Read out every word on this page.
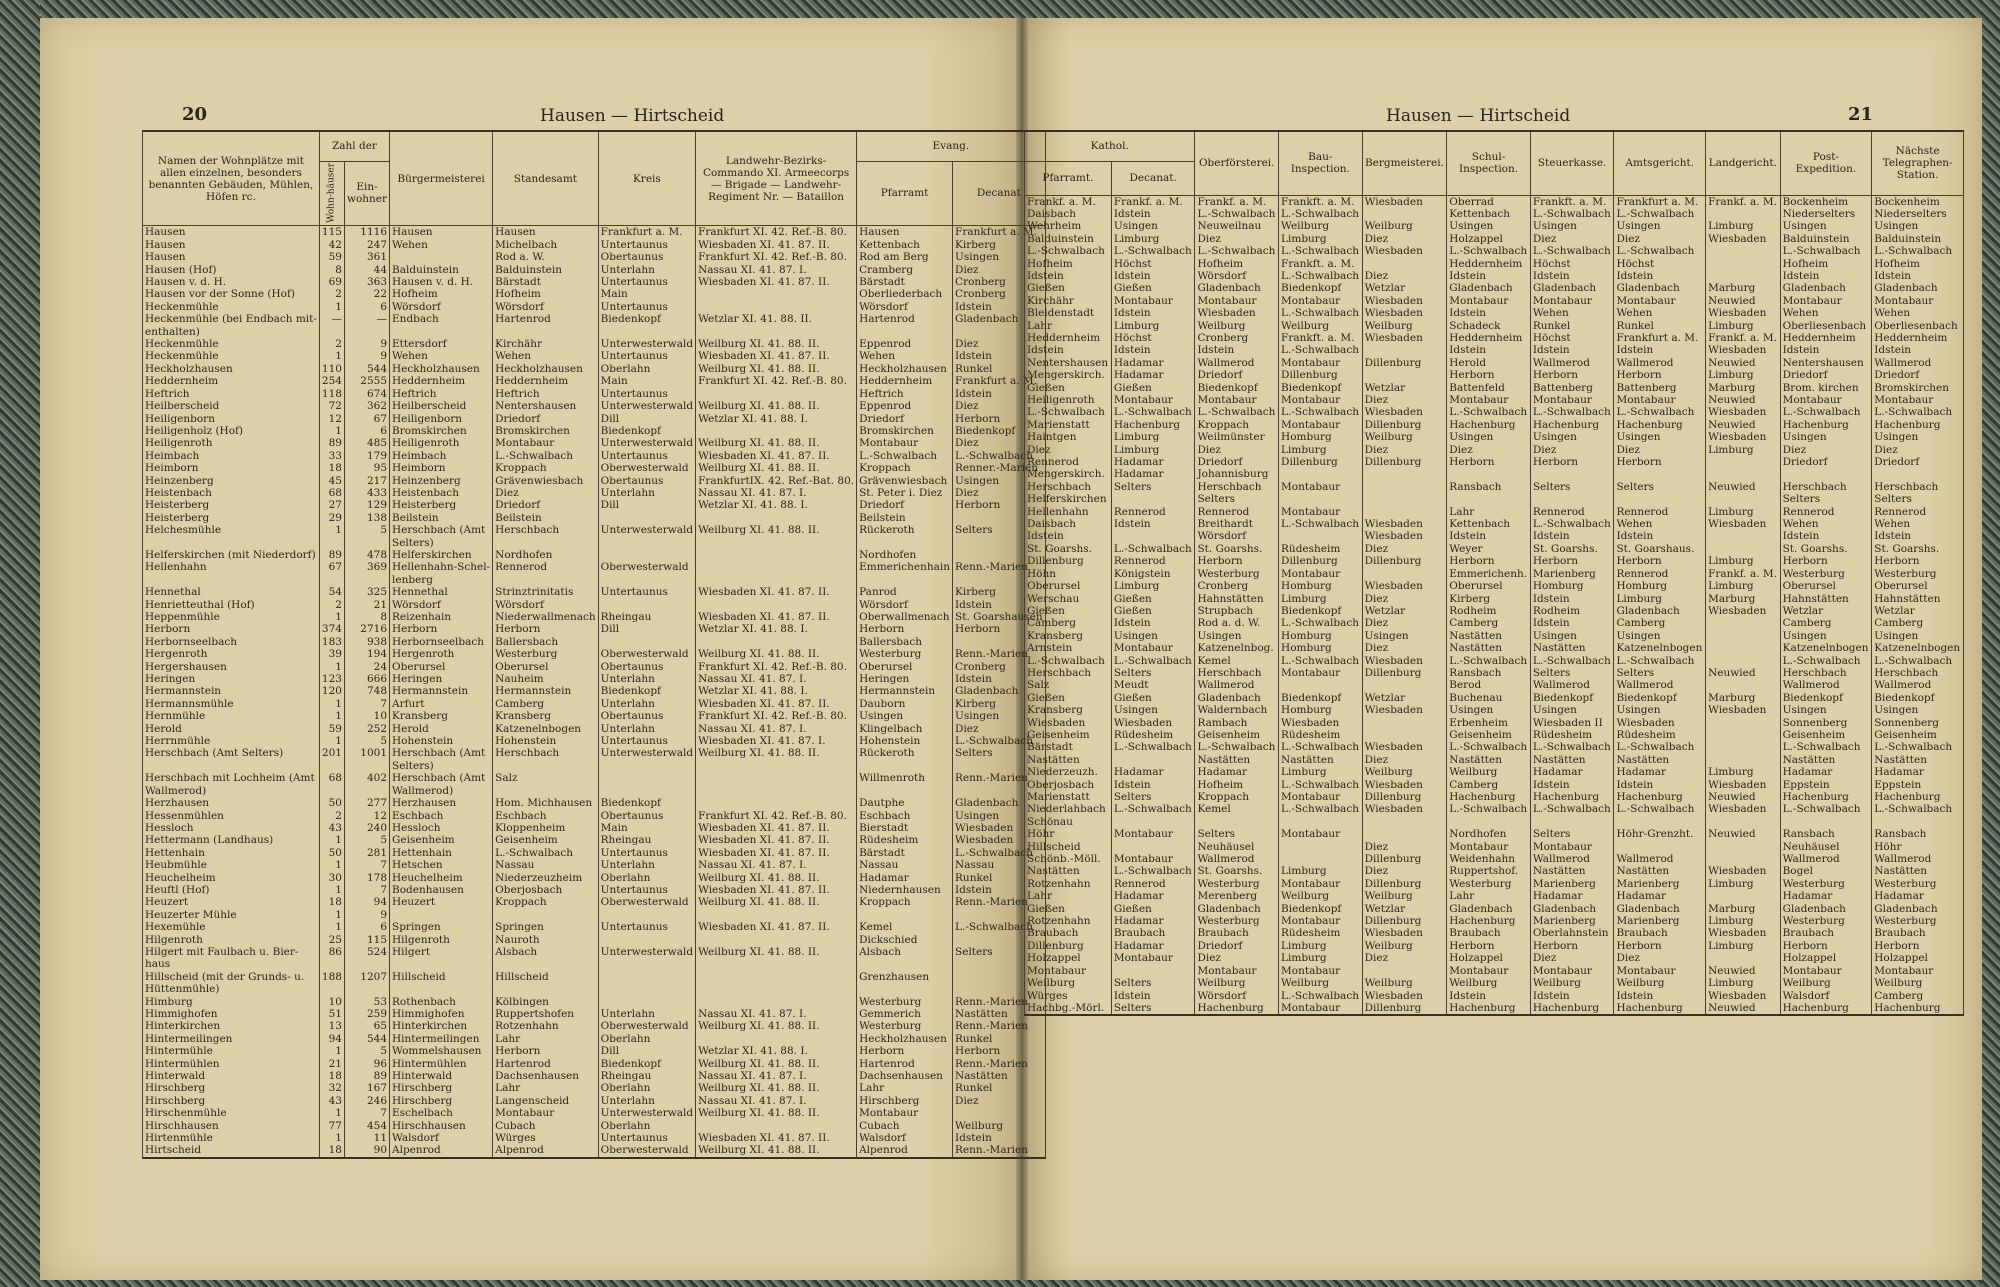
20	Hausen — Hirtscheid	Hausen — Hirtscheid	21
Namen der Wohnplätze mit allen einzelnen, besonders benannten Gebäuden, Mühlen, Höfen rc.	Zahl der		Bürgermeisterei	Standesamt	Kreis	Landwehr-Bezirks-Commando XI. Armeecorps — Brigade — Landwehr-Regiment Nr. — Bataillon	Evang.	
	Wohn-häuser	Ein-wohner					Pfarramt	Decanat
Hausen	115	1116	Hausen	Hausen	Frankfurt a. M.	Frankfurt XI. 42. Ref.-B. 80.	Hausen	Frankfurt a. M.
Hausen	42	247	Wehen	Michelbach	Untertaunus	Wiesbaden XI. 41. 87. II.	Kettenbach	Kirberg
Hausen	59	361		Rod a. W.	Obertaunus	Frankfurt XI. 42. Ref.-B. 80.	Rod am Berg	Usingen
Hausen (Hof)	8	44	Balduinstein	Balduinstein	Unterlahn	Nassau XI. 41. 87. I.	Cramberg	Diez
Hausen v. d. H.	69	363	Hausen v. d. H.	Bärstadt	Untertaunus	Wiesbaden XI. 41. 87. II.	Bärstadt	Cronberg
Hausen vor der Sonne (Hof)	2	22	Hofheim	Hofheim	Main		Oberliederbach	Cronberg
Heckenmühle	1	6	Wörsdorf	Wörsdorf	Untertaunus		Wörsdorf	Idstein
Heckenmühle (bei Endbach mit-	—	—	Endbach	Hartenrod	Biedenkopf	Wetzlar XI. 41. 88. II.	Hartenrod	Gladenbach
enthalten)								
Heckenmühle	2	9	Ettersdorf	Kirchähr	Unterwesterwald	Weilburg XI. 41. 88. II.	Eppenrod	Diez
Heckenmühle	1	9	Wehen	Wehen	Untertaunus	Wiesbaden XI. 41. 87. II.	Wehen	Idstein
Heckholzhausen	110	544	Heckholzhausen	Heckholzhausen	Oberlahn	Weilburg XI. 41. 88. II.	Heckholzhausen	Runkel
Heddernheim	254	2555	Heddernheim	Heddernheim	Main	Frankfurt XI. 42. Ref.-B. 80.	Heddernheim	Frankfurt a. M.
Heftrich	118	674	Heftrich	Heftrich	Untertaunus		Heftrich	Idstein
Heilberscheid	72	362	Heilberscheid	Nentershausen	Unterwesterwald	Weilburg XI. 41. 88. II.	Eppenrod	Diez
Heiligenborn	12	67	Heiligenborn	Driedorf	Dill	Wetzlar XI. 41. 88. I.	Driedorf	Herborn
Heiligenholz (Hof)	1	6	Bromskirchen	Bromskirchen	Biedenkopf		Bromskirchen	Biedenkopf
Heiligenroth	89	485	Heiligenroth	Montabaur	Unterwesterwald	Weilburg XI. 41. 88. II.	Montabaur	Diez
Heimbach	33	179	Heimbach	L.-Schwalbach	Untertaunus	Wiesbaden XI. 41. 87. II.	L.-Schwalbach	L.-Schwalbach
Heimborn	18	95	Heimborn	Kroppach	Oberwesterwald	Weilburg XI. 41. 88. II.	Kroppach	Renner.-Marien
Heinzenberg	45	217	Heinzenberg	Grävenwiesbach	Obertaunus	FrankfurtIX. 42. Ref.-Bat. 80.	Grävenwiesbach	Usingen
Heistenbach	68	433	Heistenbach	Diez	Unterlahn	Nassau XI. 41. 87. I.	St. Peter i. Diez	Diez
Heisterberg	27	129	Heisterberg	Driedorf	Dill	Wetzlar XI. 41. 88. I.	Driedorf	Herborn
Heisterberg	29	138	Beilstein	Beilstein			Beilstein	
Helchesmühle	1	5	Herschbach (Amt	Herschbach	Unterwesterwald	Weilburg XI. 41. 88. II.	Rückeroth	Selters
			Selters)					
Helferskirchen (mit Niederdorf)	89	478	Helferskirchen	Nordhofen			Nordhofen	
Hellenhahn	67	369	Hellenhahn-Schel-	Rennerod	Oberwesterwald		Emmerichenhain	Renn.-Marien
			lenberg					
Hennethal	54	325	Hennethal	Strinztrinitatis	Untertaunus	Wiesbaden XI. 41. 87. II.	Panrod	Kirberg
Henrietteuthal (Hof)	2	21	Wörsdorf	Wörsdorf			Wörsdorf	Idstein
Heppenmühle	1	8	Reizenhain	Niederwallmenach	Rheingau	Wiesbaden XI. 41. 87. II.	Oberwallmenach	St. Goarshausen
Herborn	374	2716	Herborn	Herborn	Dill	Wetzlar XI. 41. 88. I.	Herborn	Herborn
Herbornseelbach	183	938	Herbornseelbach	Ballersbach			Ballersbach	
Hergenroth	39	194	Hergenroth	Westerburg	Oberwesterwald	Weilburg XI. 41. 88. II.	Westerburg	Renn.-Marien
Hergershausen	1	24	Oberursel	Oberursel	Obertaunus	Frankfurt XI. 42. Ref.-B. 80.	Oberursel	Cronberg
Heringen	123	666	Heringen	Nauheim	Unterlahn	Nassau XI. 41. 87. I.	Heringen	Idstein
Hermannstein	120	748	Hermannstein	Hermannstein	Biedenkopf	Wetzlar XI. 41. 88. I.	Hermannstein	Gladenbach
Hermannsmühle	1	7	Arfurt	Camberg	Unterlahn	Wiesbaden XI. 41. 87. II.	Dauborn	Kirberg
Hernmühle	1	10	Kransberg	Kransberg	Obertaunus	Frankfurt XI. 42. Ref.-B. 80.	Usingen	Usingen
Herold	59	252	Herold	Katzenelnbogen	Unterlahn	Nassau XI. 41. 87. I.	Klingelbach	Diez
Herrnmühle	1	5	Hohenstein	Hohenstein	Untertaunus	Wiesbaden XI. 41. 87. I.	Hohenstein	L.-Schwalbach
Herschbach (Amt Selters)	201	1001	Herschbach (Amt	Herschbach	Unterwesterwald	Weilburg XI. 41. 88. II.	Rückeroth	Selters
			Selters)					
Herschbach mit Lochheim (Amt	68	402	Herschbach (Amt	Salz			Willmenroth	Renn.-Marien
Wallmerod)			Wallmerod)					
Herzhausen	50	277	Herzhausen	Hom. Michhausen	Biedenkopf		Dautphe	Gladenbach
Hessenmühlen	2	12	Eschbach	Eschbach	Obertaunus	Frankfurt XI. 42. Ref.-B. 80.	Eschbach	Usingen
Hessloch	43	240	Hessloch	Kloppenheim	Main	Wiesbaden XI. 41. 87. II.	Bierstadt	Wiesbaden
Hettermann (Landhaus)	1	5	Geisenheim	Geisenheim	Rheingau	Wiesbaden XI. 41. 87. II.	Rüdesheim	Wiesbaden
Hettenhain	50	281	Hettenhain	L.-Schwalbach	Untertaunus	Wiesbaden XI. 41. 87. II.	Bärstadt	L.-Schwalbach
Heubmühle	1	7	Hetschen	Nassau	Unterlahn	Nassau XI. 41. 87. I.	Nassau	Nassau
Heuchelheim	30	178	Heuchelheim	Niederzeuzheim	Oberlahn	Weilburg XI. 41. 88. II.	Hadamar	Runkel
Heuftl (Hof)	1	7	Bodenhausen	Oberjosbach	Untertaunus	Wiesbaden XI. 41. 87. II.	Niedernhausen	Idstein
Heuzert	18	94	Heuzert	Kroppach	Oberwesterwald	Weilburg XI. 41. 88. II.	Kroppach	Renn.-Marien
Heuzerter Mühle	1	9						
Hexemühle	1	6	Springen	Springen	Untertaunus	Wiesbaden XI. 41. 87. II.	Kemel	L.-Schwalbach
Hilgenroth	25	115	Hilgenroth	Nauroth			Dickschied	
Hilgert mit Faulbach u. Bier-	86	524	Hilgert	Alsbach	Unterwesterwald	Weilburg XI. 41. 88. II.	Alsbach	Selters
haus								
Hillscheid (mit der Grunds- u.	188	1207	Hillscheid	Hillscheid			Grenzhausen	
Hüttenmühle)								
Himburg	10	53	Rothenbach	Kölbingen			Westerburg	Renn.-Marien
Himmighofen	51	259	Himmighofen	Ruppertshofen	Unterlahn	Nassau XI. 41. 87. I.	Gemmerich	Nastätten
Hinterkirchen	13	65	Hinterkirchen	Rotzenhahn	Oberwesterwald	Weilburg XI. 41. 88. II.	Westerburg	Renn.-Marien
Hintermeilingen	94	544	Hintermeilingen	Lahr	Oberlahn		Heckholzhausen	Runkel
Hintermühle	1	5	Wommelshausen	Herborn	Dill	Wetzlar XI. 41. 88. I.	Herborn	Herborn
Hintermühlen	21	96	Hintermühlen	Hartenrod	Biedenkopf	Weilburg XI. 41. 88. II.	Hartenrod	Renn.-Marien
Hinterwald	18	89	Hinterwald	Dachsenhausen	Rheingau	Nassau XI. 41. 87. I.	Dachsenhausen	Nastätten
Hirschberg	32	167	Hirschberg	Lahr	Oberlahn	Weilburg XI. 41. 88. II.	Lahr	Runkel
Hirschberg	43	246	Hirschberg	Langenscheid	Unterlahn	Nassau XI. 41. 87. I.	Hirschberg	Diez
Hirschenmühle	1	7	Eschelbach	Montabaur	Unterwesterwald	Weilburg XI. 41. 88. II.	Montabaur	
Hirschhausen	77	454	Hirschhausen	Cubach	Oberlahn		Cubach	Weilburg
Hirtenmühle	1	11	Walsdorf	Würges	Untertaunus	Wiesbaden XI. 41. 87. II.	Walsdorf	Idstein
Hirtscheid	18	90	Alpenrod	Alpenrod	Oberwesterwald	Weilburg XI. 41. 88. II.	Alpenrod	Renn.-Marien
Kathol.		Oberförsterei.	Bau-Inspection.	Bergmeisterei.	Schul-Inspection.	Steuerkasse.	Amtsgericht.	Landgericht.	Post-Expedition.	Nächste Telegraphen-Station.
Pfarramt.	Decanat.									
Frankf. a. M.	Frankf. a. M.	Frankf. a. M.	Frankft. a. M.	Wiesbaden	Oberrad	Frankft. a. M.	Frankfurt a. M.	Frankf. a. M.	Bockenheim	Bockenheim
Daisbach	Idstein	L.-Schwalbach	L.-Schwalbach		Kettenbach	L.-Schwalbach	L.-Schwalbach		Niederselters	Niederselters
Wehrheim	Usingen	Neuweilnau	Weilburg	Weilburg	Usingen	Usingen	Usingen	Limburg	Usingen	Usingen
Balduinstein	Limburg	Diez	Limburg	Diez	Holzappel	Diez	Diez	Wiesbaden	Balduinstein	Balduinstein
L.-Schwalbach	L.-Schwalbach	L.-Schwalbach	L.-Schwalbach	Wiesbaden	L.-Schwalbach	L.-Schwalbach	L.-Schwalbach		L.-Schwalbach	L.-Schwalbach
Hofheim	Höchst	Hofheim	Frankft. a. M.		Heddernheim	Höchst	Höchst		Hofheim	Hofheim
Idstein	Idstein	Wörsdorf	L.-Schwalbach	Diez	Idstein	Idstein	Idstein		Idstein	Idstein
Gießen	Gießen	Gladenbach	Biedenkopf	Wetzlar	Gladenbach	Gladenbach	Gladenbach	Marburg	Gladenbach	Gladenbach

Kirchähr	Montabaur	Montabaur	Montabaur	Wiesbaden	Montabaur	Montabaur	Montabaur	Neuwied	Montabaur	Montabaur
Bleidenstadt	Idstein	Wiesbaden	L.-Schwalbach	Wiesbaden	Idstein	Wehen	Wehen	Wiesbaden	Wehen	Wehen
Lahr	Limburg	Weilburg	Weilburg	Weilburg	Schadeck	Runkel	Runkel	Limburg	Oberliesenbach	Oberliesenbach
Heddernheim	Höchst	Cronberg	Frankft. a. M.	Wiesbaden	Heddernheim	Höchst	Frankfurt a. M.	Frankf. a. M.	Heddernheim	Heddernheim
Idstein	Idstein	Idstein	L.-Schwalbach		Idstein	Idstein	Idstein	Wiesbaden	Idstein	Idstein
Nentershausen	Hadamar	Wallmerod	Montabaur	Dillenburg	Herold	Wallmerod	Wallmerod	Neuwied	Nentershausen	Wallmerod
Mengerskirch.	Hadamar	Driedorf	Dillenburg		Herborn	Herborn	Herborn	Limburg	Driedorf	Driedorf
Gießen	Gießen	Biedenkopf	Biedenkopf	Wetzlar	Battenfeld	Battenberg	Battenberg	Marburg	Brom. kirchen	Bromskirchen
Heiligenroth	Montabaur	Montabaur	Montabaur	Diez	Montabaur	Montabaur	Montabaur	Neuwied	Montabaur	Montabaur
L.-Schwalbach	L.-Schwalbach	L.-Schwalbach	L.-Schwalbach	Wiesbaden	L.-Schwalbach	L.-Schwalbach	L.-Schwalbach	Wiesbaden	L.-Schwalbach	L.-Schwalbach
Marienstatt	Hachenburg	Kroppach	Montabaur	Dillenburg	Hachenburg	Hachenburg	Hachenburg	Neuwied	Hachenburg	Hachenburg
Haintgen	Limburg	Weilmünster	Homburg	Weilburg	Usingen	Usingen	Usingen	Wiesbaden	Usingen	Usingen
Diez	Limburg	Diez	Limburg	Diez	Diez	Diez	Diez	Limburg	Diez	Diez
Rennerod	Hadamar	Driedorf	Dillenburg	Dillenburg	Herborn	Herborn	Herborn		Driedorf	Driedorf
Mengerskirch.	Hadamar	Johannisburg								
Herschbach	Selters	Herschbach	Montabaur		Ransbach	Selters	Selters	Neuwied	Herschbach	Herschbach

Helferskirchen		Selters							Selters	Selters
Hellenhahn	Rennerod	Rennerod	Montabaur		Lahr	Rennerod	Rennerod	Limburg	Rennerod	Rennerod

Daisbach	Idstein	Breithardt	L.-Schwalbach	Wiesbaden	Kettenbach	L.-Schwalbach	Wehen	Wiesbaden	Wehen	Wehen
Idstein		Wörsdorf		Wiesbaden	Idstein	Idstein	Idstein		Idstein	Idstein
St. Goarshs.	L.-Schwalbach	St. Goarshs.	Rüdesheim	Diez	Weyer	St. Goarshs.	St. Goarshaus.		St. Goarshs.	St. Goarshs.
Dillenburg	Rennerod	Herborn	Dillenburg	Dillenburg	Herborn	Herborn	Herborn	Limburg	Herborn	Herborn

Höhn	Königstein	Westerburg	Montabaur		Emmerichenh.	Marienberg	Rennerod	Frankf. a. M.	Westerburg	Westerburg
Oberursel	Limburg	Cronberg	Homburg	Wiesbaden	Oberursel	Homburg	Homburg	Limburg	Oberursel	Oberursel
Werschau	Gießen	Hahnstätten	Limburg	Diez	Kirberg	Idstein	Limburg	Marburg	Hahnstätten	Hahnstätten
Gießen	Gießen	Strupbach	Biedenkopf	Wetzlar	Rodheim	Rodheim	Gladenbach	Wiesbaden	Wetzlar	Wetzlar
Camberg	Idstein	Rod a. d. W.	L.-Schwalbach	Diez	Camberg	Idstein	Camberg		Camberg	Camberg
Kransberg	Usingen	Usingen	Homburg	Usingen	Nastätten	Usingen	Usingen		Usingen	Usingen
Arnstein	Montabaur	Katzenelnbog.	Homburg	Diez	Nastätten	Nastätten	Katzenelnbogen		Katzenelnbogen	Katzenelnbogen
L.-Schwalbach	L.-Schwalbach	Kemel	L.-Schwalbach	Wiesbaden	L.-Schwalbach	L.-Schwalbach	L.-Schwalbach		L.-Schwalbach	L.-Schwalbach
Herschbach	Selters	Herschbach	Montabaur	Dillenburg	Ransbach	Selters	Selters	Neuwied	Herschbach	Herschbach

Salz	Meudt	Wallmerod			Berod	Wallmerod	Wallmerod		Wallmerod	Wallmerod

Gießen	Gießen	Gladenbach	Biedenkopf	Wetzlar	Buchenau	Biedenkopf	Biedenkopf	Marburg	Biedenkopf	Biedenkopf
Kransberg	Usingen	Waldernbach	Homburg	Wiesbaden	Usingen	Usingen	Usingen	Wiesbaden	Usingen	Usingen
Wiesbaden	Wiesbaden	Rambach	Wiesbaden		Erbenheim	Wiesbaden II	Wiesbaden		Sonnenberg	Sonnenberg
Geisenheim	Rüdesheim	Geisenheim	Rüdesheim		Geisenheim	Rüdesheim	Rüdesheim		Geisenheim	Geisenheim
Bärstadt	L.-Schwalbach	L.-Schwalbach	L.-Schwalbach	Wiesbaden	L.-Schwalbach	L.-Schwalbach	L.-Schwalbach		L.-Schwalbach	L.-Schwalbach
Nastätten		Nastätten	Nastätten	Diez	Nastätten	Nastätten	Nastätten		Nastätten	Nastätten
Niederzeuzh.	Hadamar	Hadamar	Limburg	Weilburg	Weilburg	Hadamar	Hadamar	Limburg	Hadamar	Hadamar
Oberjosbach	Idstein	Hofheim	L.-Schwalbach	Wiesbaden	Camberg	Idstein	Idstein	Wiesbaden	Eppstein	Eppstein
Marienstatt	Selters	Kroppach	Montabaur	Dillenburg	Hachenburg	Hachenburg	Hachenburg	Neuwied	Hachenburg	Hachenburg

Niederlahbach	L.-Schwalbach	Kemel	L.-Schwalbach	Wiesbaden	L.-Schwalbach	L.-Schwalbach	L.-Schwalbach	Wiesbaden	L.-Schwalbach	L.-Schwalbach
Schönau										
Höhr	Montabaur	Selters	Montabaur		Nordhofen	Selters	Höhr-Grenzht.	Neuwied	Ransbach	Ransbach

Hillscheid		Neuhäusel		Diez	Montabaur	Montabaur			Neuhäusel	Höhr

Schönb.-Möll.	Montabaur	Wallmerod		Dillenburg	Weidenhahn	Wallmerod	Wallmerod		Wallmerod	Wallmerod
Nastätten	L.-Schwalbach	St. Goarshs.	Limburg	Diez	Ruppertshof.	Nastätten	Nastätten	Wiesbaden	Bogel	Nastätten
Rotzenhahn	Rennerod	Westerburg	Montabaur	Dillenburg	Westerburg	Marienberg	Marienberg	Limburg	Westerburg	Westerburg
Lahr	Hadamar	Merenberg	Weilburg	Weilburg	Lahr	Hadamar	Hadamar		Hadamar	Hadamar
Gießen	Gießen	Gladenbach	Biedenkopf	Wetzlar	Gladenbach	Gladenbach	Gladenbach	Marburg	Gladenbach	Gladenbach
Rotzenhahn	Hadamar	Westerburg	Montabaur	Dillenburg	Hachenburg	Marienberg	Marienberg	Limburg	Westerburg	Westerburg
Braubach	Braubach	Braubach	Rüdesheim	Wiesbaden	Braubach	Oberlahnstein	Braubach	Wiesbaden	Braubach	Braubach
Dillenburg	Hadamar	Driedorf	Limburg	Weilburg	Herborn	Herborn	Herborn	Limburg	Herborn	Herborn
Holzappel	Montabaur	Diez	Limburg	Diez	Holzappel	Diez	Diez		Holzappel	Holzappel
Montabaur		Montabaur	Montabaur		Montabaur	Montabaur	Montabaur	Neuwied	Montabaur	Montabaur
Weilburg	Selters	Weilburg	Weilburg	Weilburg	Weilburg	Weilburg	Weilburg	Limburg	Weilburg	Weilburg
Würges	Idstein	Wörsdorf	L.-Schwalbach	Wiesbaden	Idstein	Idstein	Idstein	Wiesbaden	Walsdorf	Camberg
Hachbg.-Mörl.	Selters	Hachenburg	Montabaur	Dillenburg	Hachenburg	Hachenburg	Hachenburg	Neuwied	Hachenburg	Hachenburg
